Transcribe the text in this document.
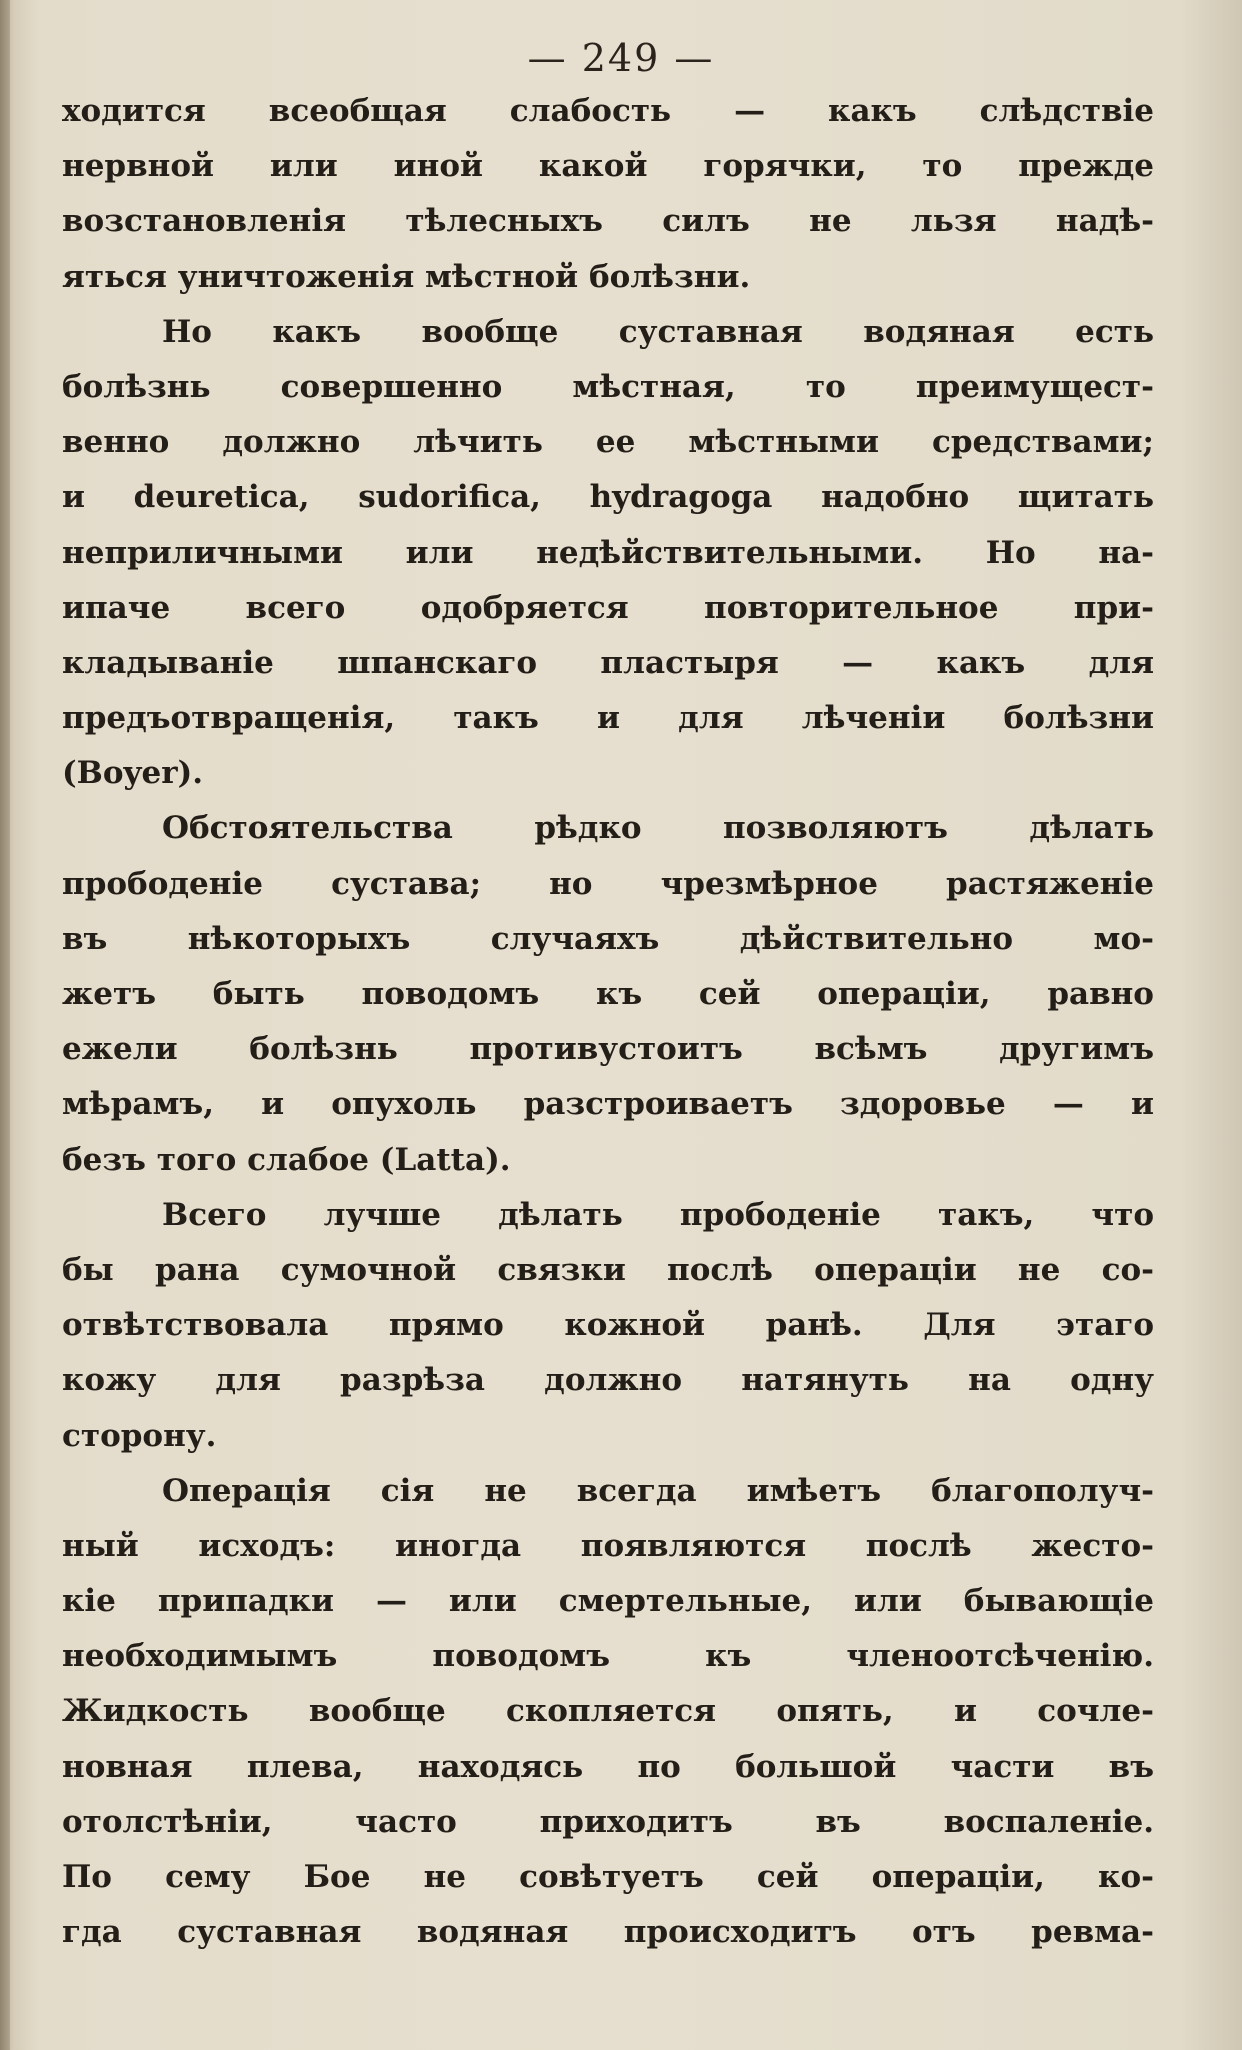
— 249 —
ходится всеобщая слабость — какъ слѣдствіе
нервной или иной какой горячки, то прежде
возстановленія тѣлесныхъ силъ не льзя надѣ-
яться уничтоженія мѣстной болѣзни.
Но какъ вообще суставная водяная есть
болѣзнь совершенно мѣстная, то преимущест-
венно должно лѣчить ее мѣстными средствами;
и deuretica, sudorifica, hydragoga надобно щитать
неприличными или недѣйствительными. Но на-
ипаче всего одобряется повторительное при-
кладываніе шпанскаго пластыря — какъ для
предъотвращенія, такъ и для лѣченіи болѣзни
(Boyer).
Обстоятельства рѣдко позволяютъ дѣлать
прободеніе сустава; но чрезмѣрное растяженіе
въ нѣкоторыхъ случаяхъ дѣйствительно мо-
жетъ быть поводомъ къ сей операціи, равно
ежели болѣзнь противустоитъ всѣмъ другимъ
мѣрамъ, и опухоль разстроиваетъ здоровье — и
безъ того слабое (Latta).
Всего лучше дѣлать прободеніе такъ, что
бы рана сумочной связки послѣ операціи не со-
отвѣтствовала прямо кожной ранѣ. Для этаго
кожу для разрѣза должно натянуть на одну
сторону.
Операція сія не всегда имѣетъ благополуч-
ный исходъ: иногда появляются послѣ жесто-
кіе припадки — или смертельные, или бывающіе
необходимымъ поводомъ къ членоотсѣченію.
Жидкость вообще скопляется опять, и сочле-
новная плева, находясь по большой части въ
отолстѣніи, часто приходитъ въ воспаленіе.
По сему Бое не совѣтуетъ сей операціи, ко-
гда суставная водяная происходитъ отъ ревма-
